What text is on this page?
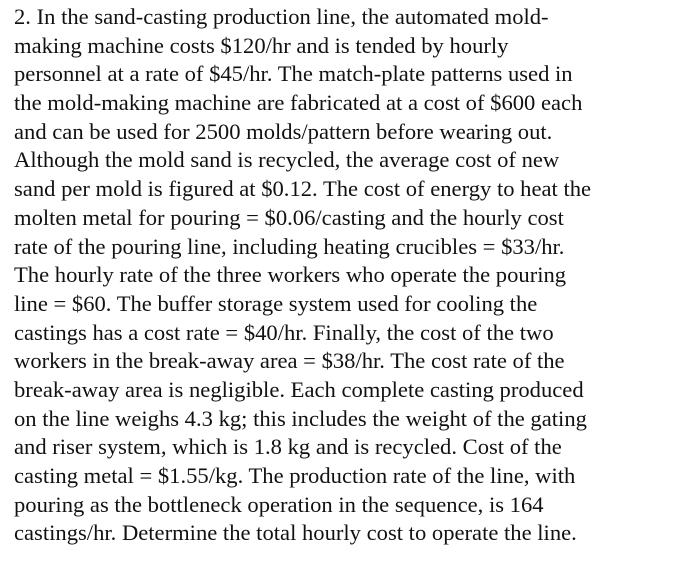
2. In the sand-casting production line, the automated mold-
making machine costs $120/hr and is tended by hourly
personnel at a rate of $45/hr. The match-plate patterns used in
the mold-making machine are fabricated at a cost of $600 each
and can be used for 2500 molds/pattern before wearing out.
Although the mold sand is recycled, the average cost of new
sand per mold is figured at $0.12. The cost of energy to heat the
molten metal for pouring = $0.06/casting and the hourly cost
rate of the pouring line, including heating crucibles = $33/hr.
The hourly rate of the three workers who operate the pouring
line = $60. The buffer storage system used for cooling the
castings has a cost rate = $40/hr. Finally, the cost of the two
workers in the break-away area = $38/hr. The cost rate of the
break-away area is negligible. Each complete casting produced
on the line weighs 4.3 kg; this includes the weight of the gating
and riser system, which is 1.8 kg and is recycled. Cost of the
casting metal = $1.55/kg. The production rate of the line, with
pouring as the bottleneck operation in the sequence, is 164
castings/hr. Determine the total hourly cost to operate the line.
